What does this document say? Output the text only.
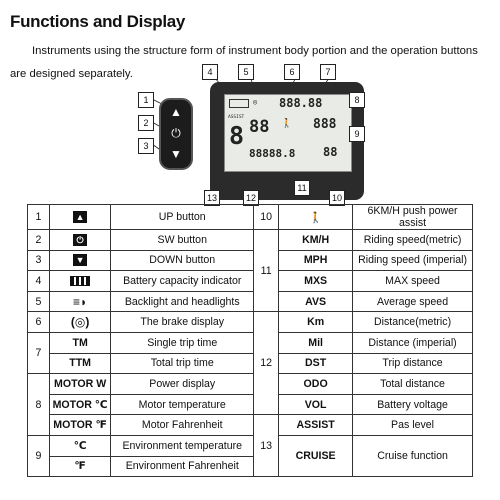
Functions and Display
Instruments using the structure form of instrument body portion and the operation buttons are designed separately.
▲
⏻
▼
◎ 888.88
ASSIST
8 88 🚶 888
88888.8 88
1
2
3
4	5	6	7
8
9
10
11
12
13
1	▲	UP button	10	🚶	6KM/H push power assist
2	⏻	SW button	11	KM/H	Riding speed(metric)
3	▼	DOWN button		MPH	Riding speed (imperial)
4		Battery capacity indicator		MXS	MAX speed
5	≡◗	Backlight and headlights		AVS	Average speed
6	(◎)	The brake display	12	Km	Distance(metric)
7	TM	Single trip time		Mil	Distance (imperial)
	TTM	Total trip time		DST	Trip distance
8	MOTOR W	Power display		ODO	Total distance
	MOTOR ℃	Motor temperature		VOL	Battery voltage
	MOTOR ℉	Motor Fahrenheit	13	ASSIST	Pas level
9	℃	Environment temperature		CRUISE	Cruise function
	℉	Environment Fahrenheit			
